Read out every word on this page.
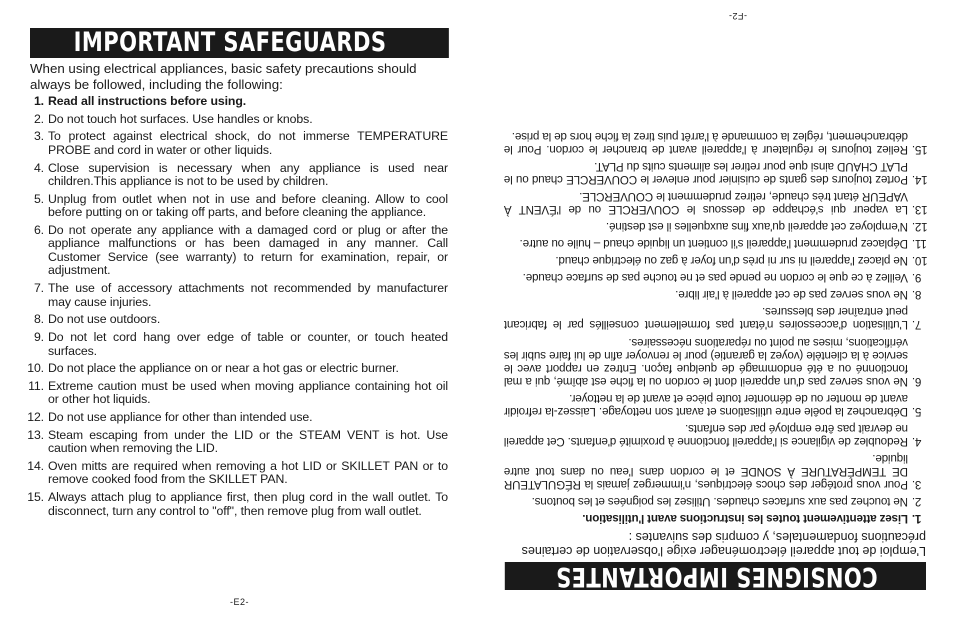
IMPORTANT SAFEGUARDS
When using electrical appliances, basic safety precautions should always be followed, including the following:
1. Read all instructions before using.
2. Do not touch hot surfaces. Use handles or knobs.
3. To protect against electrical shock, do not immerse TEMPERATURE PROBE and cord in water or other liquids.
4. Close supervision is necessary when any appliance is used near children.This appliance is not to be used by children.
5. Unplug from outlet when not in use and before cleaning. Allow to cool before putting on or taking off parts, and before cleaning the appliance.
6. Do not operate any appliance with a damaged cord or plug or after the appliance malfunctions or has been damaged in any manner. Call Customer Service (see warranty) to return for examination, repair, or adjustment.
7. The use of accessory attachments not recommended by manufacturer may cause injuries.
8. Do not use outdoors.
9. Do not let cord hang over edge of table or counter, or touch heated surfaces.
10. Do not place the appliance on or near a hot gas or electric burner.
11. Extreme caution must be used when moving appliance containing hot oil or other hot liquids.
12. Do not use appliance for other than intended use.
13. Steam escaping from under the LID or the STEAM VENT is hot. Use caution when removing the LID.
14. Oven mitts are required when removing a hot LID or SKILLET PAN or to remove cooked food from the SKILLET PAN.
15. Always attach plug to appliance first, then plug cord in the wall outlet. To disconnect, turn any control to "off", then remove plug from wall outlet.
-E2-
CONSIGNES IMPORTANTES
L'emploi de tout appareil électroménager exige l'observation de certaines précautions fondamentales, y compris des suivantes :
1.
Lisez attentivement toutes les instructions avant l'utilisation.
2.
Ne touchez pas aux surfaces chaudes. Utilisez les poignées et les boutons.
3.
Pour vous protéger des chocs électriques, n'immergez jamais la RÉGULATEUR DE TEMPÉRATURE À SONDE et le cordon dans l'eau ou dans tout autre liquide.
4.
Redoublez de vigilance si l'appareil fonctionne à proximité d'enfants. Cet appareil ne devrait pas être employé par des enfants.
5.
Débranchez la poêle entre utilisations et avant son nettoyage. Laissez-la refroidir avant de monter ou de démonter toute pièce et avant de la nettoyer.
6.
Ne vous servez pas d'un appareil dont le cordon ou la fiche est abîmé, qui a mal fonctionné ou a été endommagé de quelque façon. Entrez en rapport avec le service à la clientèle (voyez la garantie) pour le renvoyer afin de lui faire subir les vérifications, mises au point ou réparations nécessaires.
7.
L'utilisation d'accessoires n'étant pas formellement conseillés par le fabricant peut entraîner des blessures.
8.
Ne vous servez pas de cet appareil à l'air libre.
9.
Veillez à ce que le cordon ne pende pas et ne touche pas de surface chaude.
10.
Ne placez l'appareil ni sur ni près d'un foyer à gaz ou électrique chaud.
11.
Déplacez prudemment l'appareil s'il contient un liquide chaud – huile ou autre.
12.
N'employez cet appareil qu'aux fins auxquelles il est destiné.
13.
La vapeur qui s'échappe de dessous le COUVERCLE ou de l'ÉVENT À VAPEUR étant très chaude, retirez prudemment le COUVERCLE.
14.
Portez toujours des gants de cuisinier pour enlever le COUVERCLE chaud ou le PLAT CHAUD ainsi que pour retirer les aliments cuits du PLAT.
15.
Reliez toujours le régulateur à l'appareil avant de brancher le cordon. Pour le débranchement, réglez la commande à l'arrêt puis tirez la fiche hors de la prise.
-F2-
